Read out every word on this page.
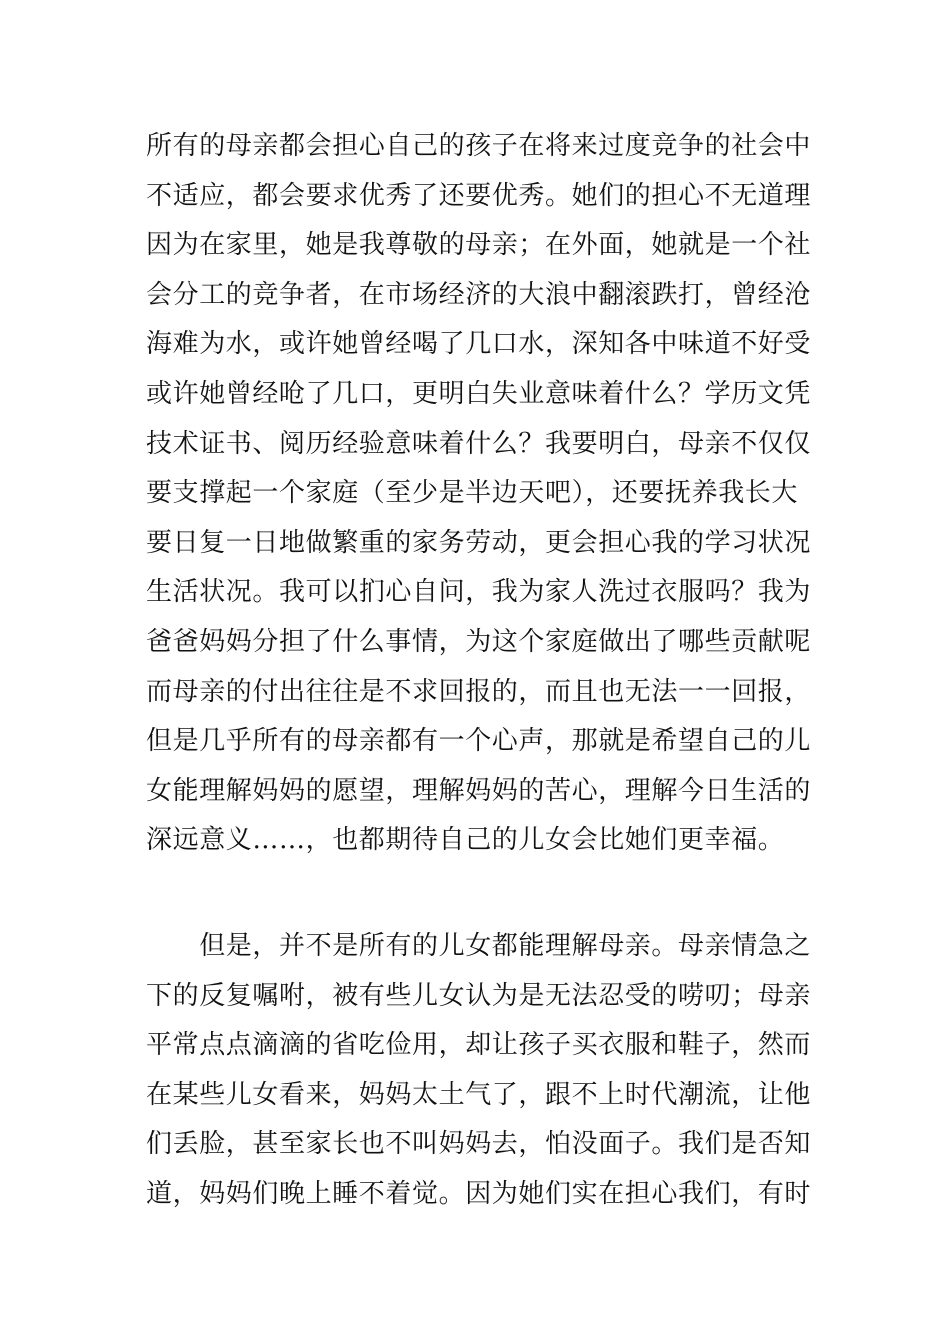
所有的母亲都会担心自己的孩子在将来过度竞争的社会中
不适应，都会要求优秀了还要优秀。她们的担心不无道理
因为在家里，她是我尊敬的母亲；在外面，她就是一个社
会分工的竞争者，在市场经济的大浪中翻滚跌打，曾经沧
海难为水，或许她曾经喝了几口水，深知各中味道不好受
或许她曾经呛了几口，更明白失业意味着什么？学历文凭
技术证书、阅历经验意味着什么？我要明白，母亲不仅仅
要支撑起一个家庭（至少是半边天吧），还要抚养我长大
要日复一日地做繁重的家务劳动，更会担心我的学习状况
生活状况。我可以扪心自问，我为家人洗过衣服吗？我为
爸爸妈妈分担了什么事情，为这个家庭做出了哪些贡献呢
而母亲的付出往往是不求回报的，而且也无法一一回报，
但是几乎所有的母亲都有一个心声，那就是希望自己的儿
女能理解妈妈的愿望，理解妈妈的苦心，理解今日生活的
深远意义……，也都期待自己的儿女会比她们更幸福。
　　但是，并不是所有的儿女都能理解母亲。母亲情急之
下的反复嘱咐，被有些儿女认为是无法忍受的唠叨；母亲
平常点点滴滴的省吃俭用，却让孩子买衣服和鞋子，然而
在某些儿女看来，妈妈太土气了，跟不上时代潮流，让他
们丢脸，甚至家长也不叫妈妈去，怕没面子。我们是否知
道，妈妈们晚上睡不着觉。因为她们实在担心我们，有时
